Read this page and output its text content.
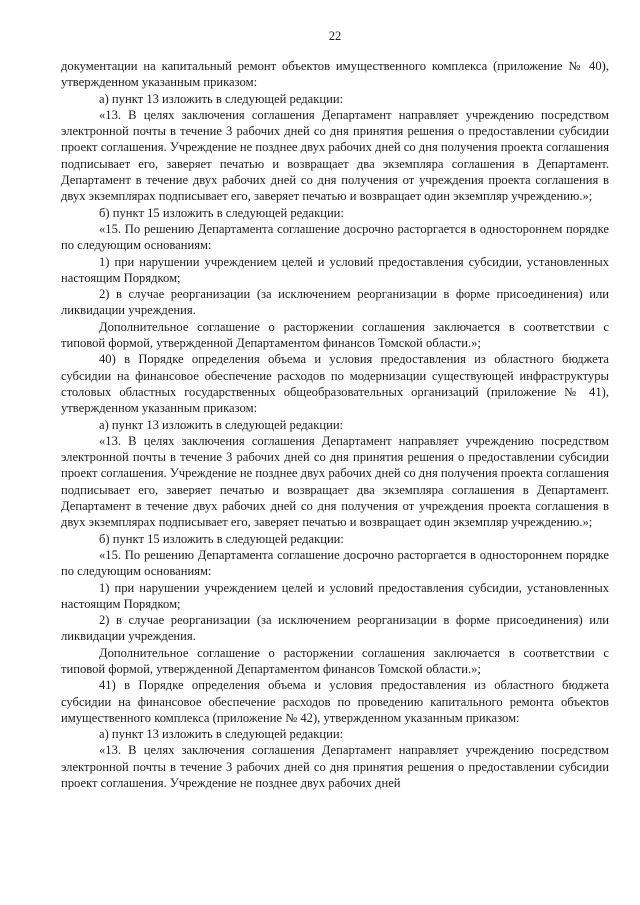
22

документации на капитальный ремонт объектов имущественного комплекса (приложение № 40), утвержденном указанным приказом:

а) пункт 13 изложить в следующей редакции:

«13. В целях заключения соглашения Департамент направляет учреждению посредством электронной почты в течение 3 рабочих дней со дня принятия решения о предоставлении субсидии проект соглашения. Учреждение не позднее двух рабочих дней со дня получения проекта соглашения подписывает его, заверяет печатью и возвращает два экземпляра соглашения в Департамент. Департамент в течение двух рабочих дней со дня получения от учреждения проекта соглашения в двух экземплярах подписывает его, заверяет печатью и возвращает один экземпляр учреждению.»;

б) пункт 15 изложить в следующей редакции:

«15. По решению Департамента соглашение досрочно расторгается в одностороннем порядке по следующим основаниям:

1) при нарушении учреждением целей и условий предоставления субсидии, установленных настоящим Порядком;

2) в случае реорганизации (за исключением реорганизации в форме присоединения) или ликвидации учреждения.

Дополнительное соглашение о расторжении соглашения заключается в соответствии с типовой формой, утвержденной Департаментом финансов Томской области.»;

40) в Порядке определения объема и условия предоставления из областного бюджета субсидии на финансовое обеспечение расходов по модернизации существующей инфраструктуры столовых областных государственных общеобразовательных организаций (приложение № 41), утвержденном указанным приказом:

а) пункт 13 изложить в следующей редакции:

«13. В целях заключения соглашения Департамент направляет учреждению посредством электронной почты в течение 3 рабочих дней со дня принятия решения о предоставлении субсидии проект соглашения. Учреждение не позднее двух рабочих дней со дня получения проекта соглашения подписывает его, заверяет печатью и возвращает два экземпляра соглашения в Департамент. Департамент в течение двух рабочих дней со дня получения от учреждения проекта соглашения в двух экземплярах подписывает его, заверяет печатью и возвращает один экземпляр учреждению.»;

б) пункт 15 изложить в следующей редакции:

«15. По решению Департамента соглашение досрочно расторгается в одностороннем порядке по следующим основаниям:

1) при нарушении учреждением целей и условий предоставления субсидии, установленных настоящим Порядком;

2) в случае реорганизации (за исключением реорганизации в форме присоединения) или ликвидации учреждения.

Дополнительное соглашение о расторжении соглашения заключается в соответствии с типовой формой, утвержденной Департаментом финансов Томской области.»;

41) в Порядке определения объема и условия предоставления из областного бюджета субсидии на финансовое обеспечение расходов по проведению капитального ремонта объектов имущественного комплекса (приложение № 42), утвержденном указанным приказом:

а) пункт 13 изложить в следующей редакции:

«13. В целях заключения соглашения Департамент направляет учреждению посредством электронной почты в течение 3 рабочих дней со дня принятия решения о предоставлении субсидии проект соглашения. Учреждение не позднее двух рабочих дней
